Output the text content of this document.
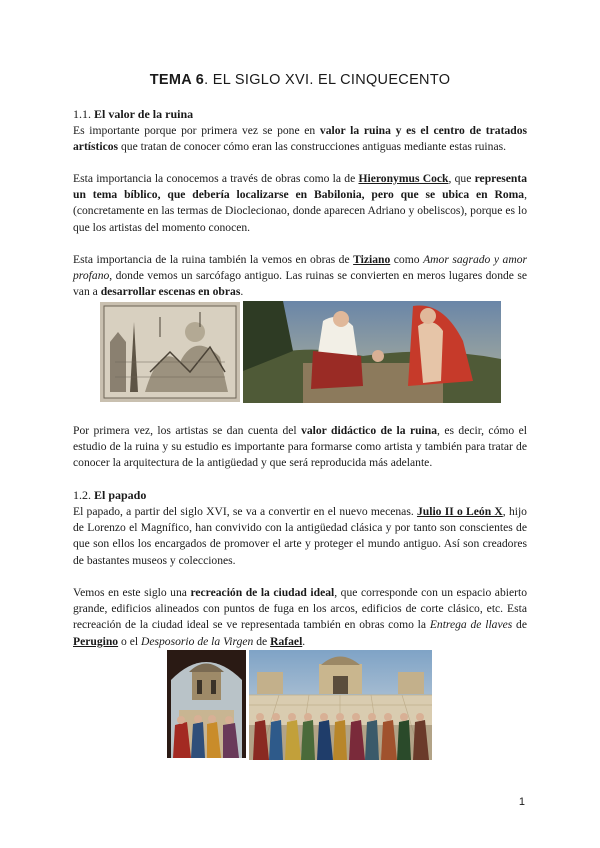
TEMA 6. EL SIGLO XVI. EL CINQUECENTO
1.1. El valor de la ruina
Es importante porque por primera vez se pone en valor la ruina y es el centro de tratados artísticos que tratan de conocer cómo eran las construcciones antiguas mediante estas ruinas.
Esta importancia la conocemos a través de obras como la de Hieronymus Cock, que representa un tema bíblico, que debería localizarse en Babilonia, pero que se ubica en Roma, (concretamente en las termas de Dioclecionao, donde aparecen Adriano y obeliscos), porque es lo que los artistas del momento conocen.
Esta importancia de la ruina también la vemos en obras de Tiziano como Amor sagrado y amor profano, donde vemos un sarcófago antiguo. Las ruinas se convierten en meros lugares donde se van a desarrollar escenas en obras.
Por primera vez, los artistas se dan cuenta del valor didáctico de la ruina, es decir, cómo el estudio de la ruina y su estudio es importante para formarse como artista y también para tratar de conocer la arquitectura de la antigüedad y que será reproducida más adelante.
1.2. El papado
El papado, a partir del siglo XVI, se va a convertir en el nuevo mecenas. Julio II o León X, hijo de Lorenzo el Magnífico, han convivido con la antigüedad clásica y por tanto son conscientes de que son ellos los encargados de promover el arte y proteger el mundo antiguo. Así son creadores de bastantes museos y colecciones.
Vemos en este siglo una recreación de la ciudad ideal, que corresponde con un espacio abierto grande, edificios alineados con puntos de fuga en los arcos, edificios de corte clásico, etc. Esta recreación de la ciudad ideal se ve representada también en obras como la Entrega de llaves de Perugino o el Desposorio de la Virgen de Rafael.
1
